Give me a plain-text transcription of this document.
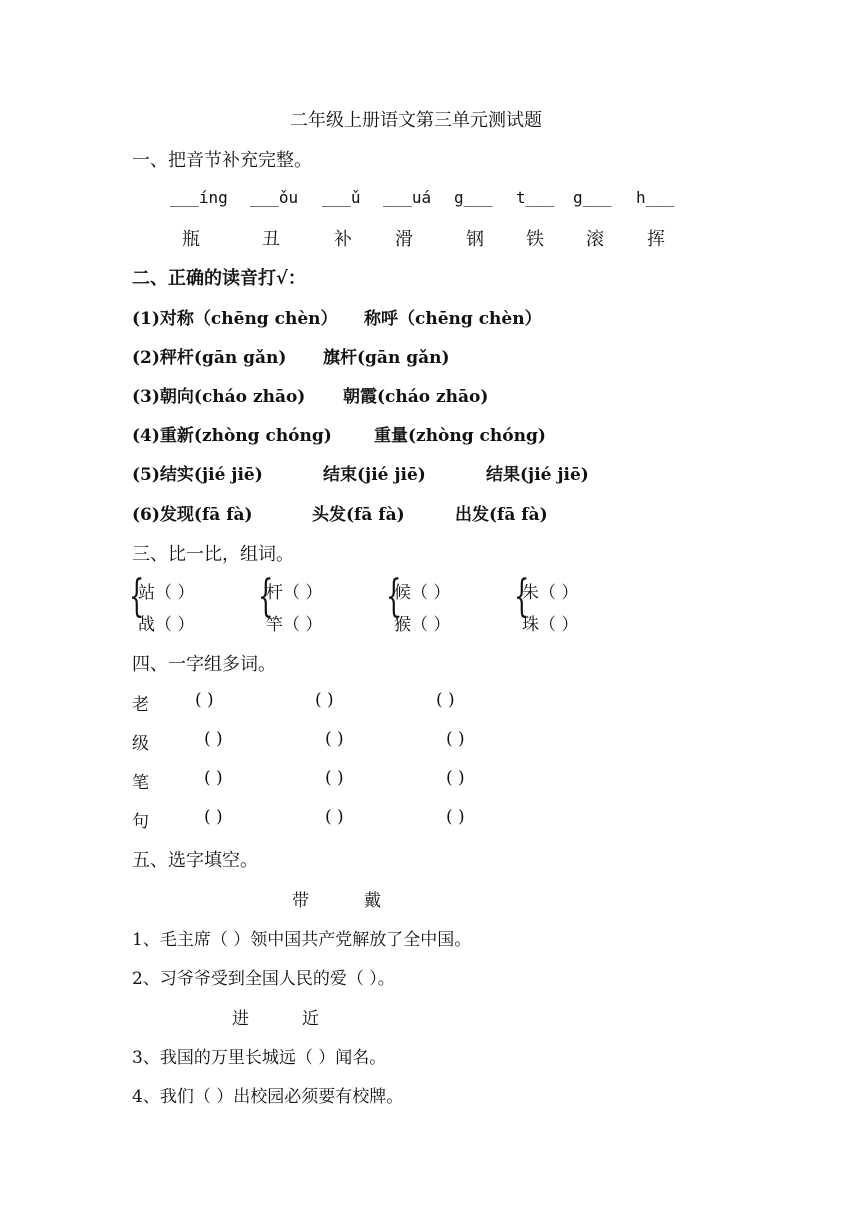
二年级上册语文第三单元测试题
一、把音节补充完整。
___íng ___ǒu ___ǔ ___uá g___ t___ g___ h___
瓶	丑	补 滑	钢 铁 滚 挥
二、正确的读音打√：
(1)对称（chēng chèn） 称呼（chēng chèn）
(2)秤杆(gān gǎn) 旗杆(gān gǎn)
(3)朝向(cháo zhāo) 朝霞(cháo zhāo)
(4)重新(zhòng chóng) 重量(zhòng chóng)
(5)结实(jié jiē)	结束(jié jiē)	结果(jié jiē)
(6)发现(fā fà)	头发(fā fà)	出发(fā fà)
三、比一比，组词。
{
站（ ）
战（ ）
{
杆（ ）
竿（ ）
{
候（ ）
猴（ ）
{
朱（ ）
珠（ ）
四、一字组多词。
老	( )	( )	( )
级	( )	( )	( )
笔	( )	( )	( )
句	( )	( )	( )
五、选字填空。
带	戴
1、毛主席（ ）领中国共产党解放了全中国。
2、习爷爷受到全国人民的爱（ ）。
进	近
3、我国的万里长城远（ ）闻名。
4、我们（ ）出校园必须要有校牌。
